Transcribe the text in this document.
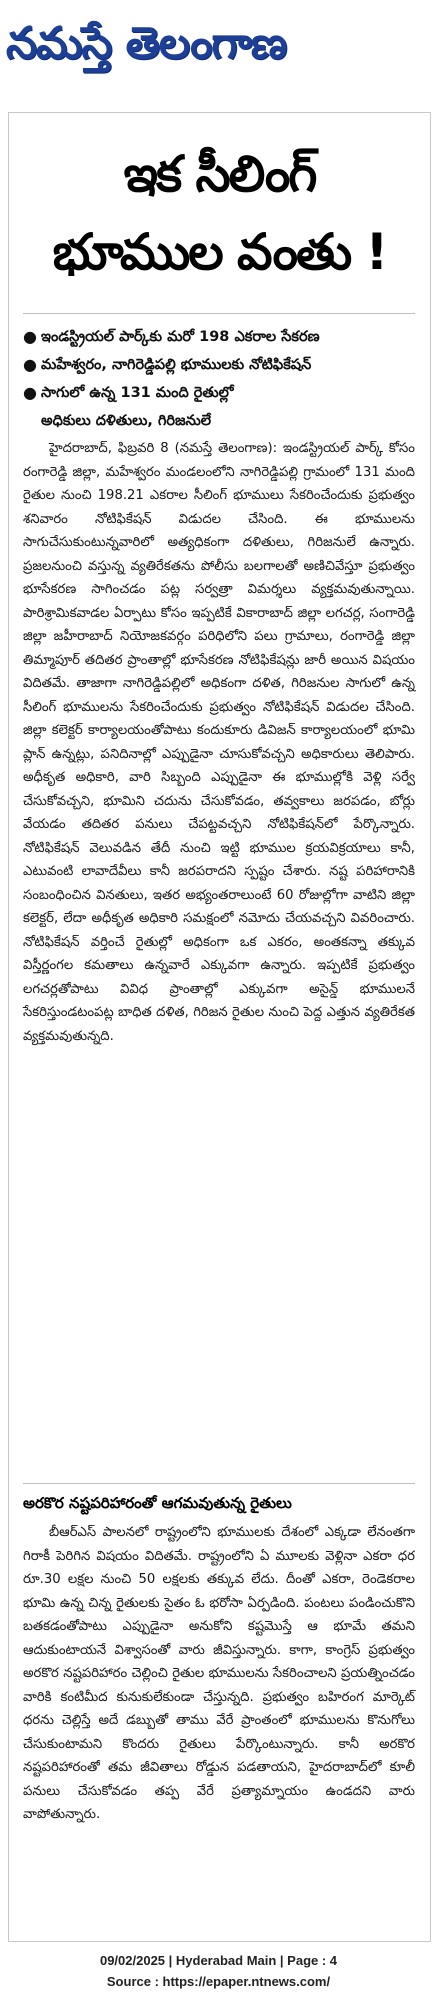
నమస్తే తెలంగాణ
ఇక సీలింగ్
భూముల వంతు !
● ఇండస్ట్రియల్ పార్క్‌కు మరో 198 ఎకరాల సేకరణ
● మహేశ్వరం, నాగిరెడ్డిపల్లి భూములకు నోటిఫికేషన్
● సాగులో ఉన్న 131 మంది రైతుల్లో
అధికులు దళితులు, గిరిజనులే

హైదరాబాద్, ఫిబ్రవరి 8 (నమస్తే తెలంగాణ): ఇండస్ట్రియల్ పార్క్ కోసం రంగారెడ్డి జిల్లా, మహేశ్వరం మండలంలోని నాగిరెడ్డిపల్లి గ్రామంలో 131 మంది రైతుల నుంచి 198.21 ఎకరాల సీలింగ్ భూములు సేకరించేందుకు ప్రభుత్వం శనివారం నోటిఫికేషన్ విడుదల చేసింది. ఈ భూములను సాగుచేసుకుంటున్నవారిలో అత్యధికంగా దళితులు, గిరిజనులే ఉన్నారు. ప్రజలనుంచి వస్తున్న వ్యతిరేకతను పోలీసు బలగాలతో అణిచివేస్తూ ప్రభుత్వం భూసేకరణ సాగించడం పట్ల సర్వత్రా విమర్శలు వ్యక్తమవుతున్నాయి. పారిశ్రామికవాడల ఏర్పాటు కోసం ఇప్పటికే వికారాబాద్ జిల్లా లగచర్ల, సంగారెడ్డి జిల్లా జహీరాబాద్ నియోజకవర్గం పరిధిలోని పలు గ్రామాలు, రంగారెడ్డి జిల్లా తిమ్మాపూర్ తదితర ప్రాంతాల్లో భూసేకరణ నోటిఫికేషన్లు జారీ అయిన విషయం విదితమే. తాజాగా నాగిరెడ్డిపల్లిలో అధికంగా దళిత, గిరిజనుల సాగులో ఉన్న సీలింగ్ భూములను సేకరించేందుకు ప్రభుత్వం నోటిఫికేషన్ విడుదల చేసింది. జిల్లా కలెక్టర్ కార్యాలయంతోపాటు కందుకూరు డివిజన్ కార్యాలయంలో భూమి ప్లాన్ ఉన్నట్లు, పనిదినాల్లో ఎప్పుడైనా చూసుకోవచ్చని అధికారులు తెలిపారు. అధీకృత అధికారి, వారి సిబ్బంది ఎప్పుడైనా ఈ భూముల్లోకి వెళ్లి సర్వే చేసుకోవచ్చని, భూమిని చదును చేసుకోవడం, తవ్వకాలు జరపడం, బోర్లు వేయడం తదితర పనులు చేపట్టవచ్చని నోటిఫికేషన్‌లో పేర్కొన్నారు. నోటిఫికేషన్ వెలువడిన తేదీ నుంచి ఇట్టి భూముల క్రయవిక్రయాలు కానీ, ఎటువంటి లావాదేవీలు కానీ జరపరాదని స్పష్టం చేశారు. నష్ట పరిహారానికి సంబంధించిన వినతులు, ఇతర అభ్యంతరాలుంటే 60 రోజుల్లోగా వాటిని జిల్లా కలెక్టర్, లేదా అధీకృత అధికారి సమక్షంలో నమోదు చేయవచ్చని వివరించారు. నోటిఫికేషన్ వర్తించే రైతుల్లో అధికంగా ఒక ఎకరం, అంతకన్నా తక్కువ విస్తీర్ణంగల కమతాలు ఉన్నవారే ఎక్కువగా ఉన్నారు. ఇప్పటికే ప్రభుత్వం లగచర్లతోపాటు వివిధ ప్రాంతాల్లో ఎక్కువగా అసైన్డ్ భూములనే సేకరిస్తుండటంపట్ల బాధిత దళిత, గిరిజన రైతుల నుంచి పెద్ద ఎత్తున వ్యతిరేకత వ్యక్తమవుతున్నది.

అరకొర నష్టపరిహారంతో ఆగమవుతున్న రైతులు

బీఆర్‌ఎస్ పాలనలో రాష్ట్రంలోని భూములకు దేశంలో ఎక్కడా లేనంతగా గిరాకీ పెరిగిన విషయం విదితమే. రాష్ట్రంలోని ఏ మూలకు వెళ్లినా ఎకరా ధర రూ.30 లక్షల నుంచి 50 లక్షలకు తక్కువ లేదు. దీంతో ఎకరా, రెండెకరాల భూమి ఉన్న చిన్న రైతులకు సైతం ఓ భరోసా ఏర్పడింది. పంటలు పండించుకొని బతకడంతోపాటు ఎప్పుడైనా అనుకోని కష్టమొస్తే ఆ భూమే తమని ఆదుకుంటాయనే విశ్వాసంతో వారు జీవిస్తున్నారు. కాగా, కాంగ్రెస్ ప్రభుత్వం అరకొర నష్టపరిహారం చెల్లించి రైతుల భూములను సేకరించాలని ప్రయత్నించడం వారికి కంటిమీద కునుకులేకుండా చేస్తున్నది. ప్రభుత్వం బహిరంగ మార్కెట్ ధరను చెల్లిస్తే అదే డబ్బుతో తాము వేరే ప్రాంతంలో భూములను కొనుగోలు చేసుకుంటామని కొందరు రైతులు పేర్కొంటున్నారు. కానీ అరకొర నష్టపరిహారంతో తమ జీవితాలు రోడ్డున పడతాయని, హైదరాబాద్‌లో కూలీ పనులు చేసుకోవడం తప్ప వేరే ప్రత్యామ్నాయం ఉండదని వారు వాపోతున్నారు.

09/02/2025 | Hyderabad Main | Page : 4
Source : https://epaper.ntnews.com/
